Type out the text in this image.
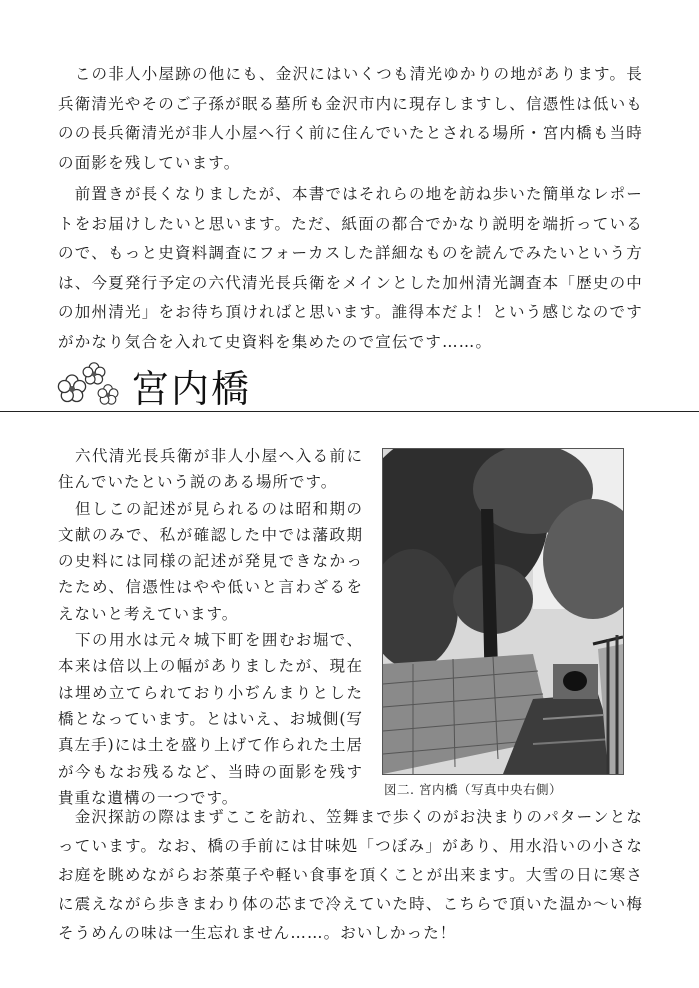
　この非人小屋跡の他にも、金沢にはいくつも清光ゆかりの地があります。長兵衛清光やそのご子孫が眠る墓所も金沢市内に現存しますし、信憑性は低いものの長兵衛清光が非人小屋へ行く前に住んでいたとされる場所・宮内橋も当時の面影を残しています。

　前置きが長くなりましたが、本書ではそれらの地を訪ね歩いた簡単なレポートをお届けしたいと思います。ただ、紙面の都合でかなり説明を端折っているので、もっと史資料調査にフォーカスした詳細なものを読んでみたいという方は、今夏発行予定の六代清光長兵衛をメインとした加州清光調査本「歴史の中の加州清光」をお待ち頂ければと思います。誰得本だよ！という感じなのですがかなり気合を入れて史資料を集めたので宣伝です……。

宮内橋

　六代清光長兵衛が非人小屋へ入る前に住んでいたという説のある場所です。

　但しこの記述が見られるのは昭和期の文献のみで、私が確認した中では藩政期の史料には同様の記述が発見できなかったため、信憑性はやや低いと言わざるをえないと考えています。

　下の用水は元々城下町を囲むお堀で、本来は倍以上の幅がありましたが、現在は埋め立てられており小ぢんまりとした橋となっています。とはいえ、お城側(写真左手)には土を盛り上げて作られた土居が今もなお残るなど、当時の面影を残す貴重な遺構の一つです。	図二. 宮内橋（写真中央右側）

　金沢探訪の際はまずここを訪れ、笠舞まで歩くのがお決まりのパターンとなっています。なお、橋の手前には甘味処「つぼみ」があり、用水沿いの小さなお庭を眺めながらお茶菓子や軽い食事を頂くことが出来ます。大雪の日に寒さに震えながら歩きまわり体の芯まで冷えていた時、こちらで頂いた温か～い梅そうめんの味は一生忘れません……。おいしかった！
